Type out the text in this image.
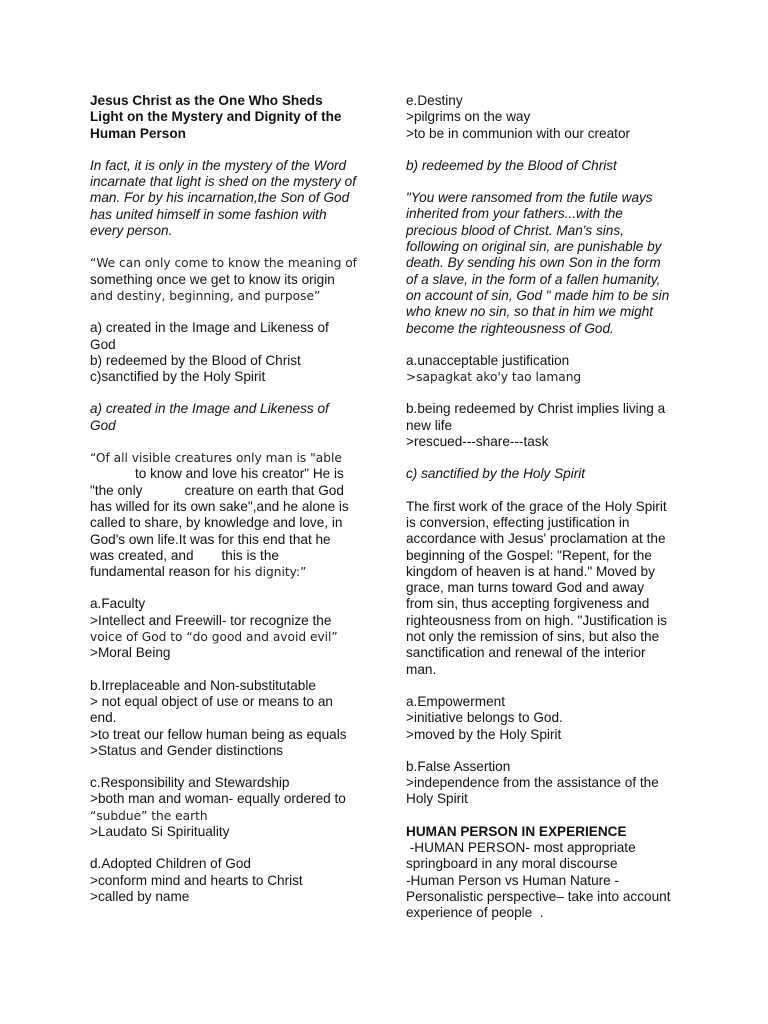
Jesus Christ as the One Who Sheds
Light on the Mystery and Dignity of the
Human Person
In fact, it is only in the mystery of the Word
incarnate that light is shed on the mystery of
man. For by his incarnation,the Son of God
has united himself in some fashion with
every person.
“We can only come to know the meaning of
something once we get to know its origin
and destiny, beginning, and purpose”
a) created in the Image and Likeness of
God
b) redeemed by the Blood of Christ
c)sanctified by the Holy Spirit
a) created in the Image and Likeness of
God
“Of all visible creatures only man is "able
to know and love his creator" He is
"the only	creature on earth that God
has willed for its own sake",and he alone is
called to share, by knowledge and love, in
God's own life.It was for this end that he
was created, and this is the
fundamental reason for his dignity:”
a.Faculty
>Intellect and Freewill- tor recognize the
voice of God to “do good and avoid evil”
>Moral Being
b.Irreplaceable and Non-substitutable
> not equal object of use or means to an
end.
>to treat our fellow human being as equals
>Status and Gender distinctions
c.Responsibility and Stewardship
>both man and woman- equally ordered to
“subdue” the earth
>Laudato Si Spirituality
d.Adopted Children of God
>conform mind and hearts to Christ
>called by name
e.Destiny
>pilgrims on the way
>to be in communion with our creator
b) redeemed by the Blood of Christ
"You were ransomed from the futile ways
inherited from your fathers...with the
precious blood of Christ. Man's sins,
following on original sin, are punishable by
death. By sending his own Son in the form
of a slave, in the form of a fallen humanity,
on account of sin, God " made him to be sin
who knew no sin, so that in him we might
become the righteousness of God.
a.unacceptable justification
>sapagkat ako'y tao lamang
b.being redeemed by Christ implies living a
new life
>rescued---share---task
c) sanctified by the Holy Spirit
The first work of the grace of the Holy Spirit
is conversion, effecting justification in
accordance with Jesus' proclamation at the
beginning of the Gospel: "Repent, for the
kingdom of heaven is at hand." Moved by
grace, man turns toward God and away
from sin, thus accepting forgiveness and
righteousness from on high. "Justification is
not only the remission of sins, but also the
sanctification and renewal of the interior
man.
a.Empowerment
>initiative belongs to God.
>moved by the Holy Spirit
b.False Assertion
>independence from the assistance of the
Holy Spirit
HUMAN PERSON IN EXPERIENCE
-HUMAN PERSON- most appropriate
springboard in any moral discourse
-Human Person vs Human Nature -
Personalistic perspective– take into account
experience of people  .
